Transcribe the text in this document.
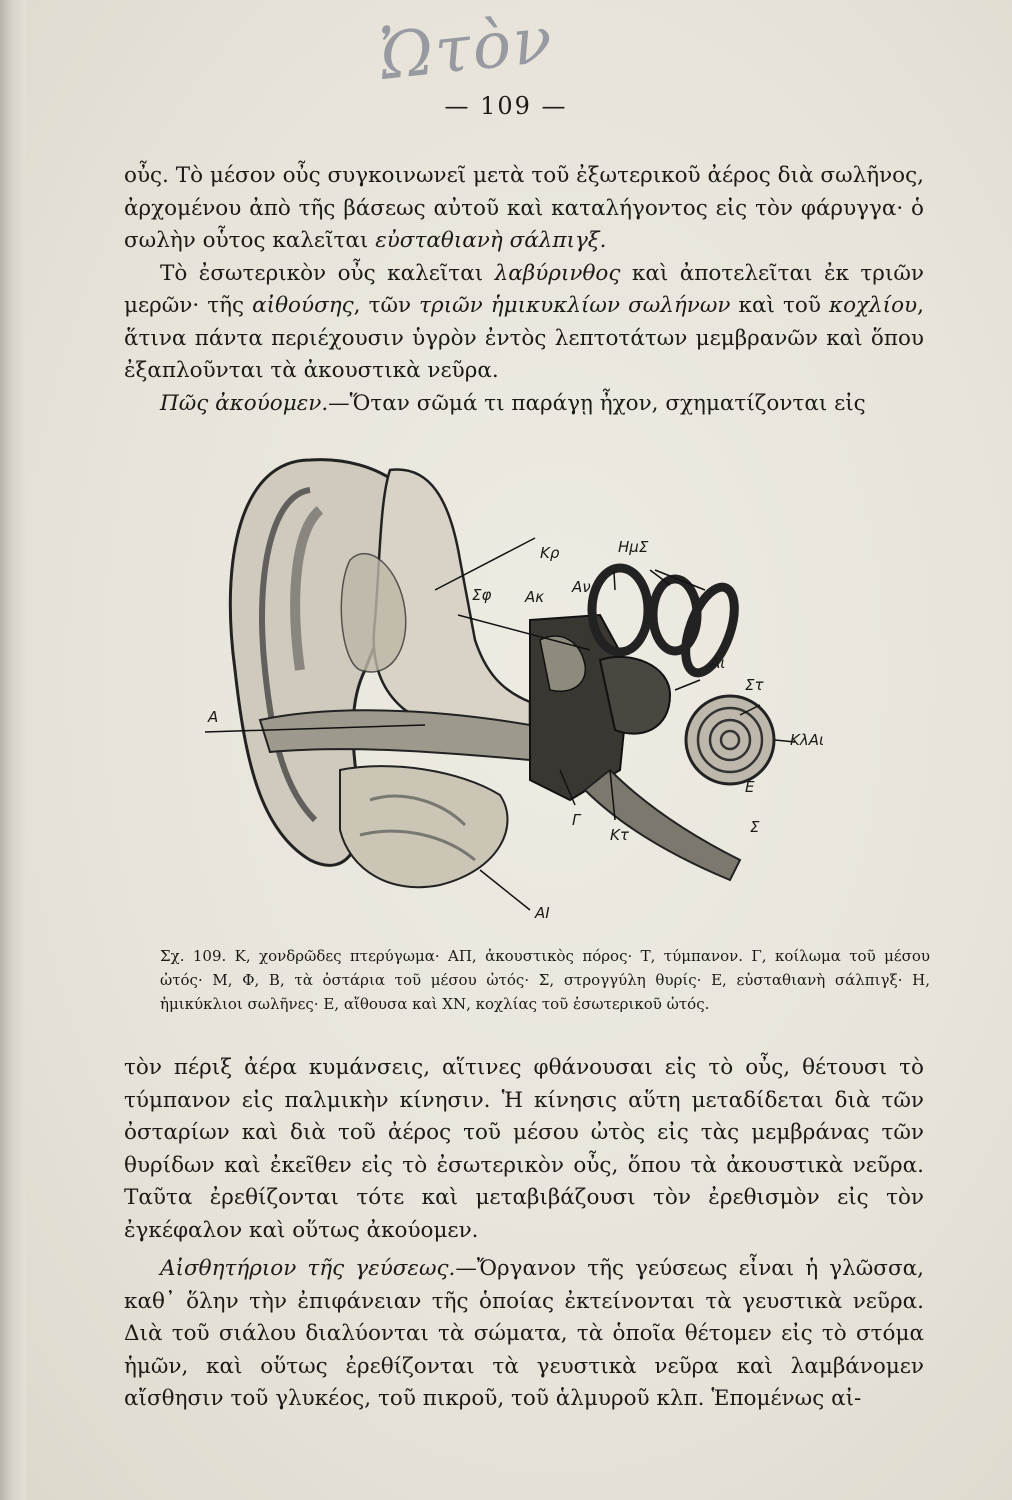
Ὠτὸν
— 109 —

οὖς. Τὸ μέσον οὖς συγκοινωνεῖ μετὰ τοῦ ἐξωτερικοῦ ἀέρος διὰ σωλῆνος, ἀρχομένου ἀπὸ τῆς βάσεως αὐτοῦ καὶ καταλήγοντος εἰς τὸν φάρυγγα· ὁ σωλὴν οὗτος καλεῖται εὐσταθιανὴ σάλπιγξ.

Τὸ ἐσωτερικὸν οὖς καλεῖται λαβύρινθος καὶ ἀποτελεῖται ἐκ τριῶν μερῶν· τῆς αἰθούσης, τῶν τριῶν ἡμικυκλίων σωλήνων καὶ τοῦ κοχλίου, ἅτινα πάντα περιέχουσιν ὑγρὸν ἐντὸς λεπτοτάτων μεμβρανῶν καὶ ὅπου ἐξαπλοῦνται τὰ ἀκουστικὰ νεῦρα.

Πῶς ἀκούομεν.—Ὅταν σῶμά τι παράγῃ ἦχον, σχηματίζονται εἰς

Κρ	ΗμΣ
Σφ Ακ
Αν
Αι
Στ
Α
ΚλΑι
Ε
Σ
Γ
Κτ
ΑΙ
Σχ. 109. Κ, χονδρῶδες πτερύγωμα· ΑΠ, ἀκουστικὸς πόρος· Τ, τύμπανον. Γ, κοίλωμα τοῦ μέσου ὠτός· Μ, Φ, Β, τὰ ὀστάρια τοῦ μέσου ὠτός· Σ, στρογγύλη θυρίς· Ε, εὐσταθιανὴ σάλπιγξ· Η, ἡμικύκλιοι σωλῆνες· Ε, αἴθουσα καὶ ΧΝ, κοχλίας τοῦ ἐσωτερικοῦ ὠτός.

τὸν πέριξ ἀέρα κυμάνσεις, αἵτινες φθάνουσαι εἰς τὸ οὖς, θέτουσι τὸ τύμπανον εἰς παλμικὴν κίνησιν. Ἡ κίνησις αὕτη μεταδίδεται διὰ τῶν ὀσταρίων καὶ διὰ τοῦ ἀέρος τοῦ μέσου ὠτὸς εἰς τὰς μεμβράνας τῶν θυρίδων καὶ ἐκεῖθεν εἰς τὸ ἐσωτερικὸν οὖς, ὅπου τὰ ἀκουστικὰ νεῦρα. Ταῦτα ἐρεθίζονται τότε καὶ μεταβιβάζουσι τὸν ἐρεθισμὸν εἰς τὸν ἐγκέφαλον καὶ οὕτως ἀκούομεν.

Αἰσθητήριον τῆς γεύσεως.—Ὄργανον τῆς γεύσεως εἶναι ἡ γλῶσσα, καθ᾽ ὅλην τὴν ἐπιφάνειαν τῆς ὁποίας ἐκτείνονται τὰ γευστικὰ νεῦρα. Διὰ τοῦ σιάλου διαλύονται τὰ σώματα, τὰ ὁποῖα θέτομεν εἰς τὸ στόμα ἡμῶν, καὶ οὕτως ἐρεθίζονται τὰ γευστικὰ νεῦρα καὶ λαμβάνομεν αἴσθησιν τοῦ γλυκέος, τοῦ πικροῦ, τοῦ ἁλμυροῦ κλπ. Ἑπομένως αἰ-
